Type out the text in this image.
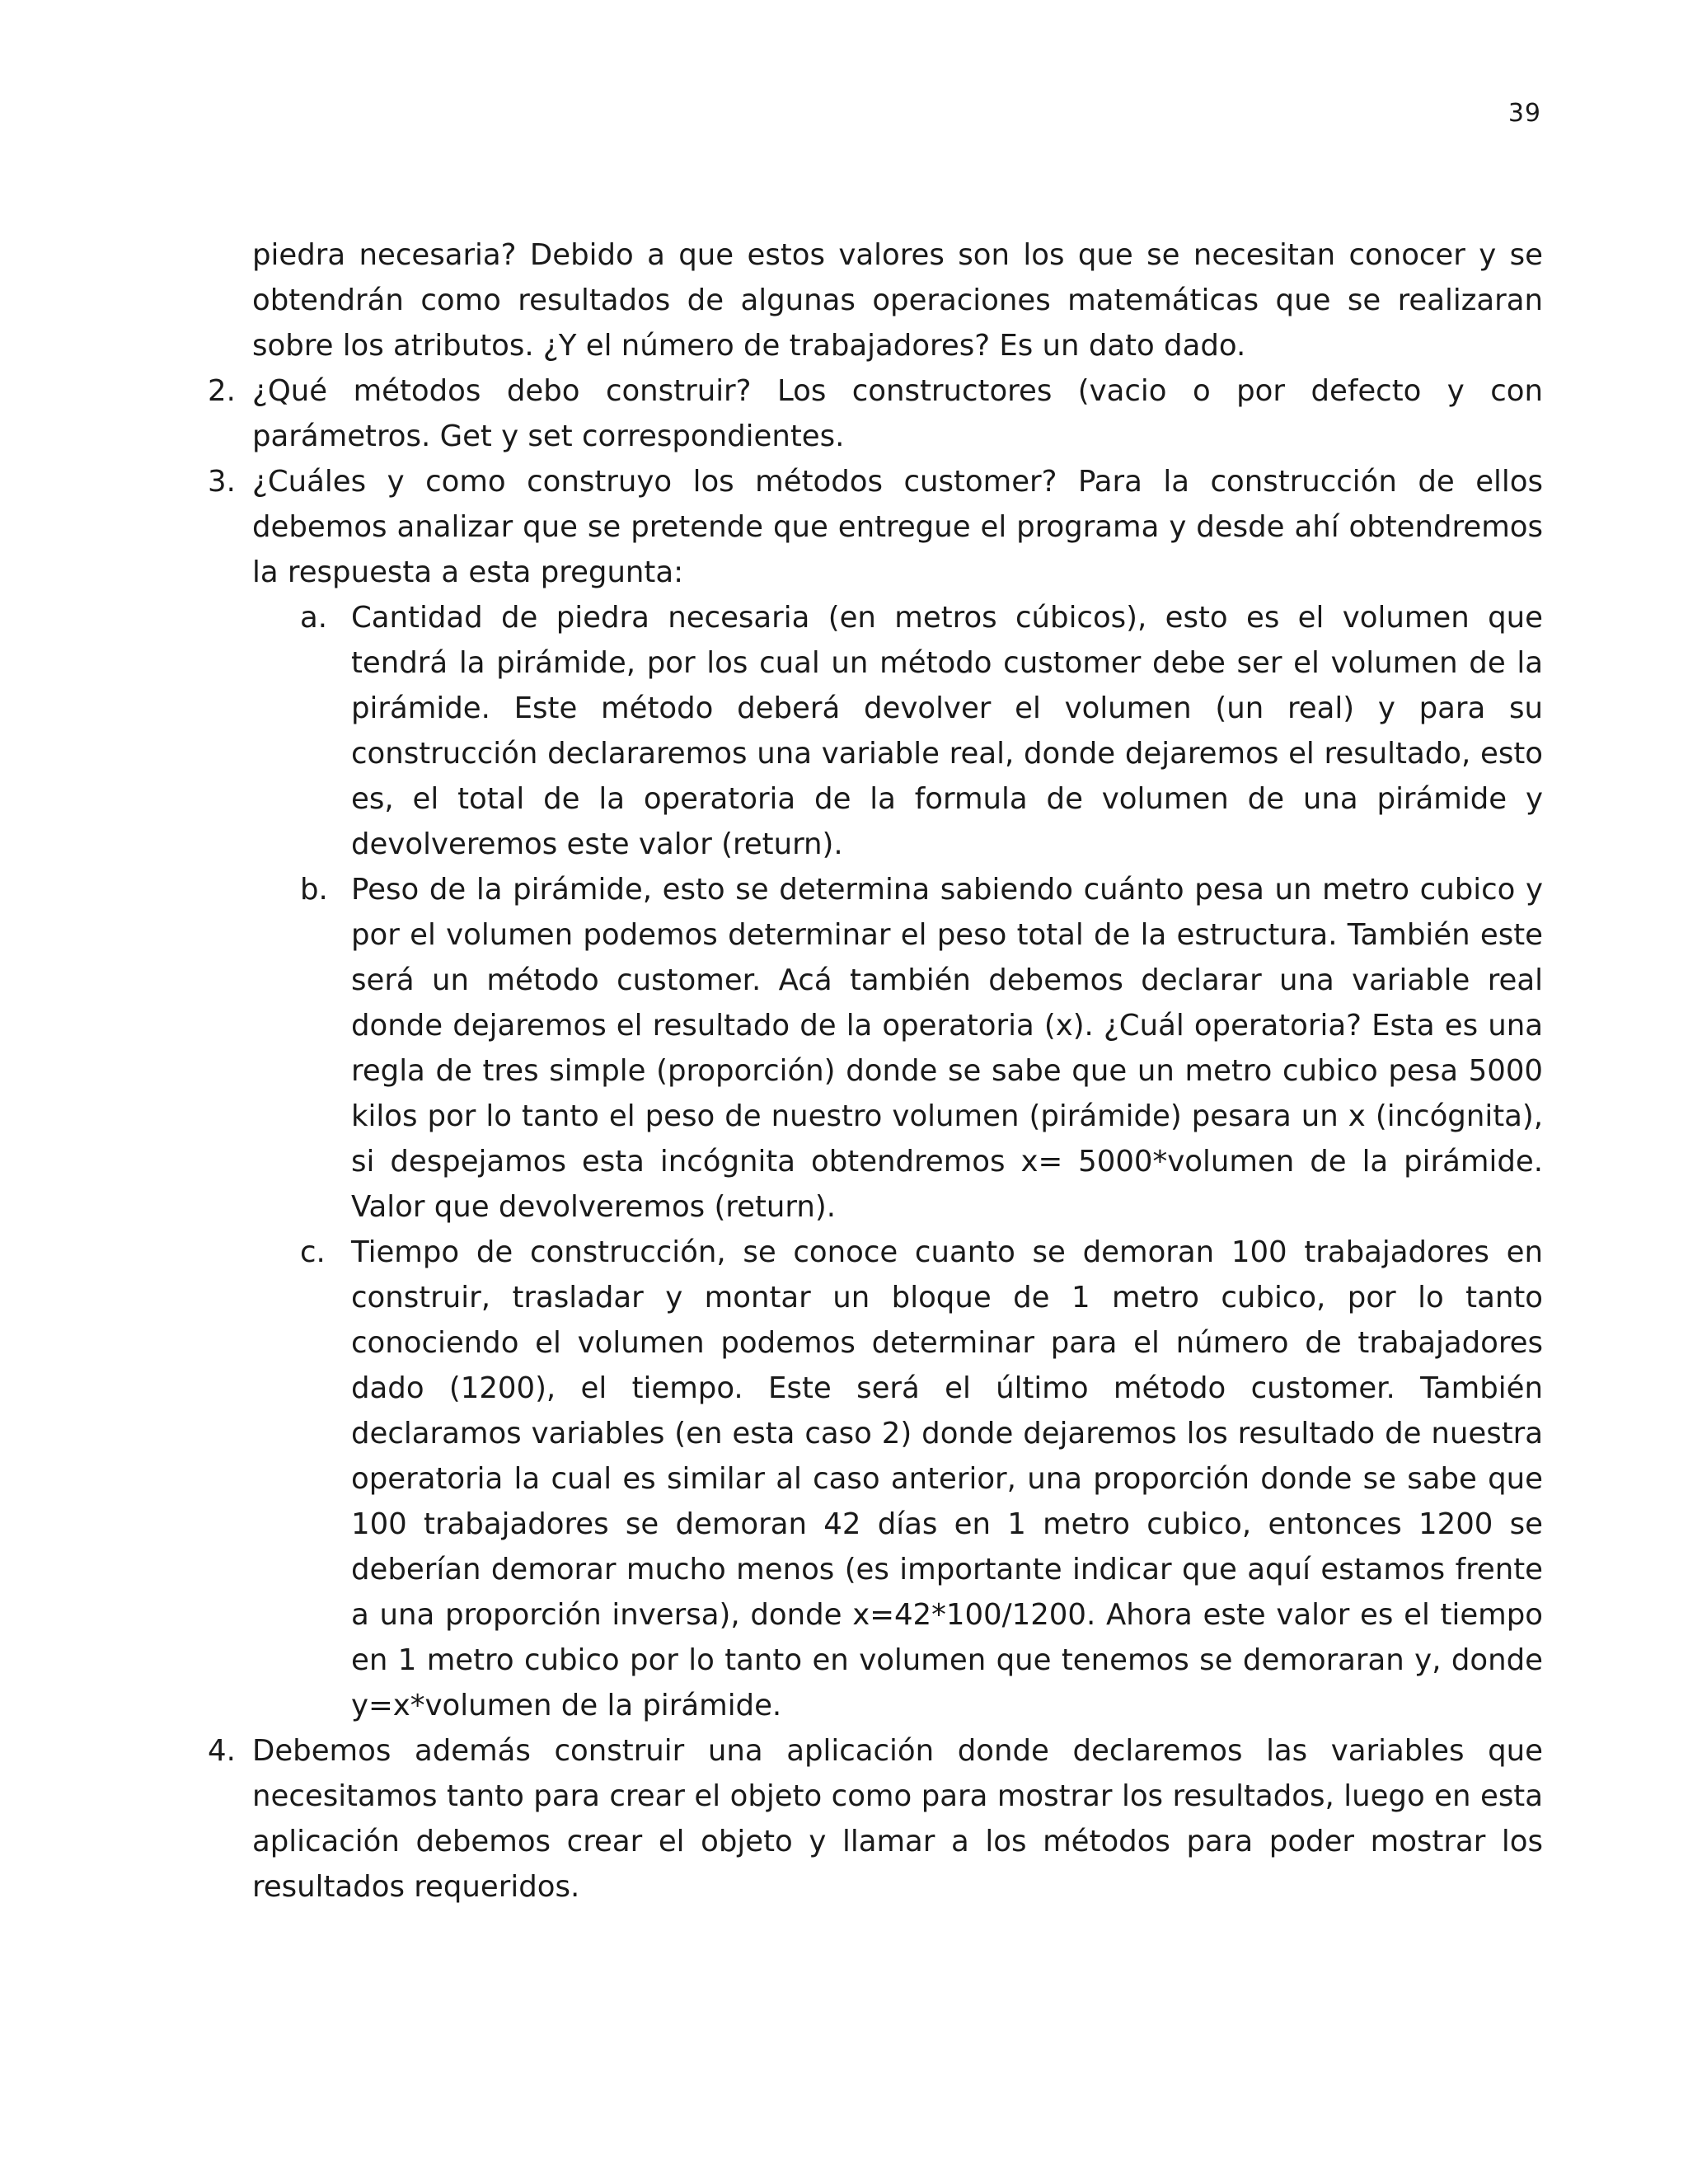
39

piedra necesaria? Debido a que estos valores son los que se necesitan conocer y se obtendrán como resultados de algunas operaciones matemáticas que se realizaran sobre los atributos. ¿Y el número de trabajadores? Es un dato dado.

2. ¿Qué métodos debo construir? Los constructores (vacio o por defecto y con parámetros. Get y set correspondientes.

3. ¿Cuáles y como construyo los métodos customer? Para la construcción de ellos debemos analizar que se pretende que entregue el programa y desde ahí obtendremos la respuesta a esta pregunta:

a. Cantidad de piedra necesaria (en metros cúbicos), esto es el volumen que tendrá la pirámide, por los cual un método customer debe ser el volumen de la pirámide. Este método deberá devolver el volumen (un real) y para su construcción declararemos una variable real, donde dejaremos el resultado, esto es, el total de la operatoria de la formula de volumen de una pirámide y devolveremos este valor (return).

b. Peso de la pirámide, esto se determina sabiendo cuánto pesa un metro cubico y por el volumen podemos determinar el peso total de la estructura. También este será un método customer. Acá también debemos declarar una variable real donde dejaremos el resultado de la operatoria (x). ¿Cuál operatoria? Esta es una regla de tres simple (proporción) donde se sabe que un metro cubico pesa 5000 kilos por lo tanto el peso de nuestro volumen (pirámide) pesara un x (incógnita), si despejamos esta incógnita obtendremos x= 5000*volumen de la pirámide. Valor que devolveremos (return).

c. Tiempo de construcción, se conoce cuanto se demoran 100 trabajadores en construir, trasladar y montar un bloque de 1 metro cubico, por lo tanto conociendo el volumen podemos determinar para el número de trabajadores dado (1200), el tiempo. Este será el último método customer. También declaramos variables (en esta caso 2) donde dejaremos los resultado de nuestra operatoria la cual es similar al caso anterior, una proporción donde se sabe que 100 trabajadores se demoran 42 días en 1 metro cubico, entonces 1200 se deberían demorar mucho menos (es importante indicar que aquí estamos frente a una proporción inversa), donde x=42*100/1200. Ahora este valor es el tiempo en 1 metro cubico por lo tanto en volumen que tenemos se demoraran y, donde y=x*volumen de la pirámide.

4. Debemos además construir una aplicación donde declaremos las variables que necesitamos tanto para crear el objeto como para mostrar los resultados, luego en esta aplicación debemos crear el objeto y llamar a los métodos para poder mostrar los resultados requeridos.
